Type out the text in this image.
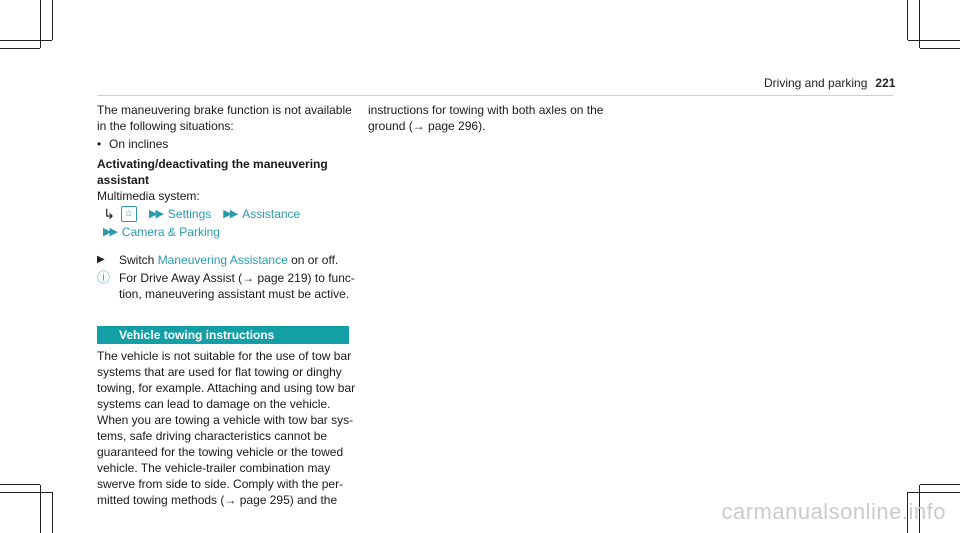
Driving and parking 221

The maneuvering brake function is not available in the following situations:

• On inclines

Activating/deactivating the maneuvering assistant

Multimedia system:

↳	⌂	▶▶ Settings ▶▶ Assistance
▶▶ Camera & Parking
▶	Switch Maneuvering Assistance on or off.
ⓘ For Drive Away Assist (→ page 219) to func-
tion, maneuvering assistant must be active.
Vehicle towing instructions
The vehicle is not suitable for the use of tow bar
systems that are used for flat towing or dinghy
towing, for example. Attaching and using tow bar
systems can lead to damage on the vehicle.
When you are towing a vehicle with tow bar sys-
tems, safe driving characteristics cannot be
guaranteed for the towing vehicle or the towed
vehicle. The vehicle-trailer combination may
swerve from side to side. Comply with the per-
mitted towing methods (→ page 295) and the
instructions for towing with both axles on the
ground (→ page 296).
carmanualsonline.info
